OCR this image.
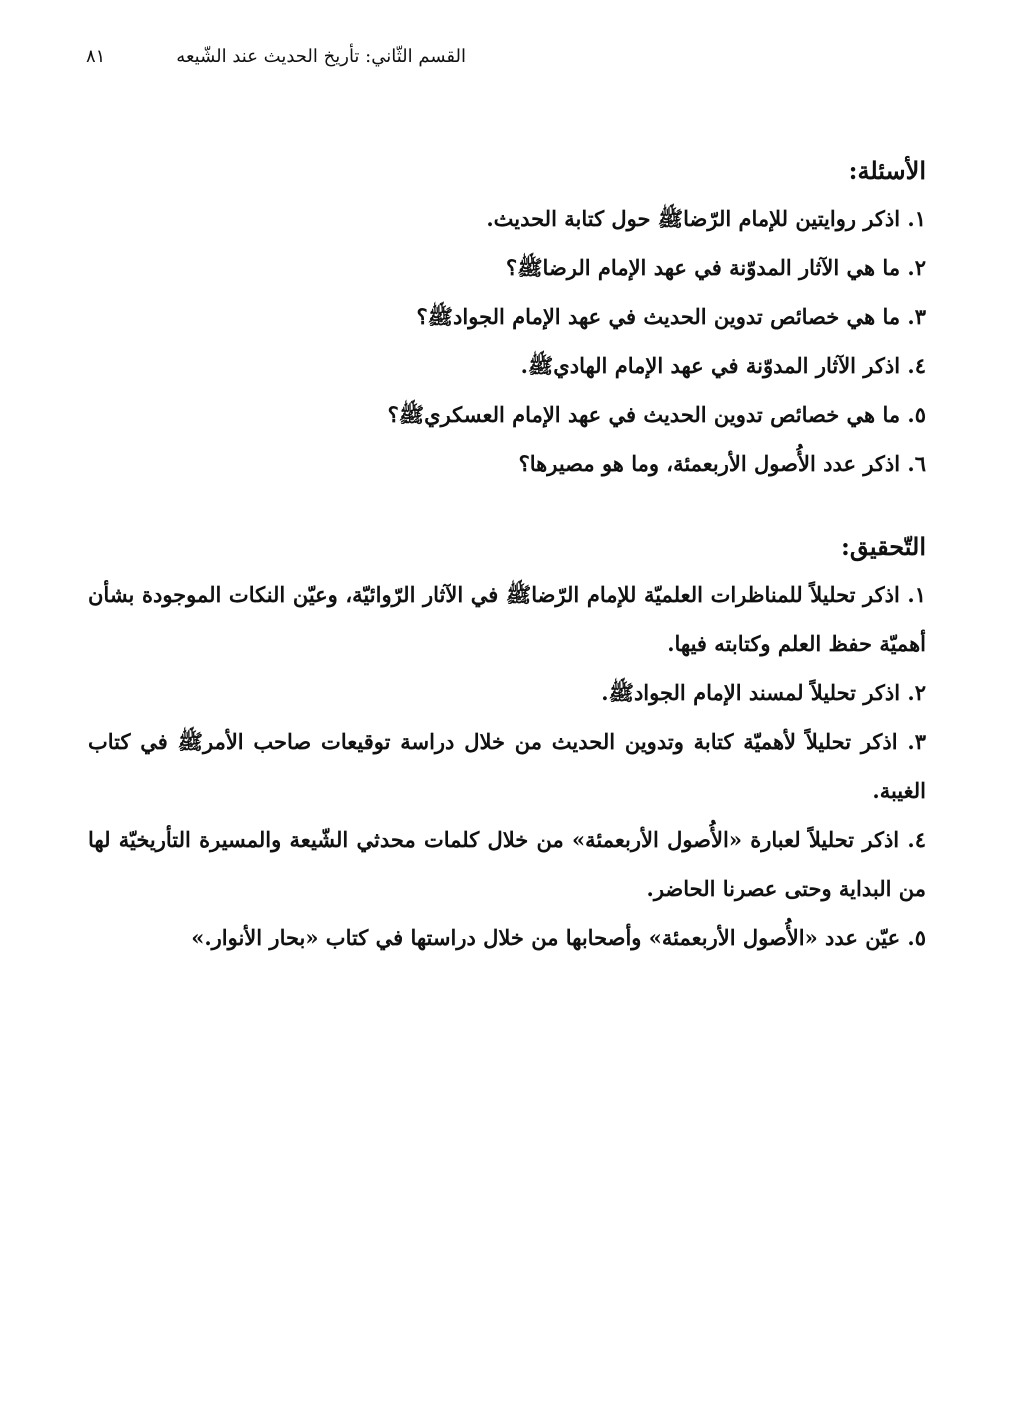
القسم الثّاني: تأريخ الحديث عند الشّيعه
٨١
الأسئلة:
١. اذكر روايتين للإمام الرّضاﷺ حول كتابة الحديث.
٢. ما هي الآثار المدوّنة في عهد الإمام الرضاﷺ؟
٣. ما هي خصائص تدوين الحديث في عهد الإمام الجوادﷺ؟
٤. اذكر الآثار المدوّنة في عهد الإمام الهاديﷺ.
٥. ما هي خصائص تدوين الحديث في عهد الإمام العسكريﷺ؟
٦. اذكر عدد الأُصول الأربعمئة، وما هو مصيرها؟
التّحقيق:
١. اذكر تحليلاً للمناظرات العلميّة للإمام الرّضاﷺ في الآثار الرّوائيّة، وعيّن النكات الموجودة بشأن أهميّة حفظ العلم وكتابته فيها.
٢. اذكر تحليلاً لمسند الإمام الجوادﷺ.
٣. اذكر تحليلاً لأهميّة كتابة وتدوين الحديث من خلال دراسة توقيعات صاحب الأمرﷺ في كتاب الغيبة.
٤. اذكر تحليلاً لعبارة «الأُصول الأربعمئة» من خلال كلمات محدثي الشّيعة والمسيرة التأريخيّة لها من البداية وحتى عصرنا الحاضر.
٥. عيّن عدد «الأُصول الأربعمئة» وأصحابها من خلال دراستها في كتاب «بحار الأنوار.»
